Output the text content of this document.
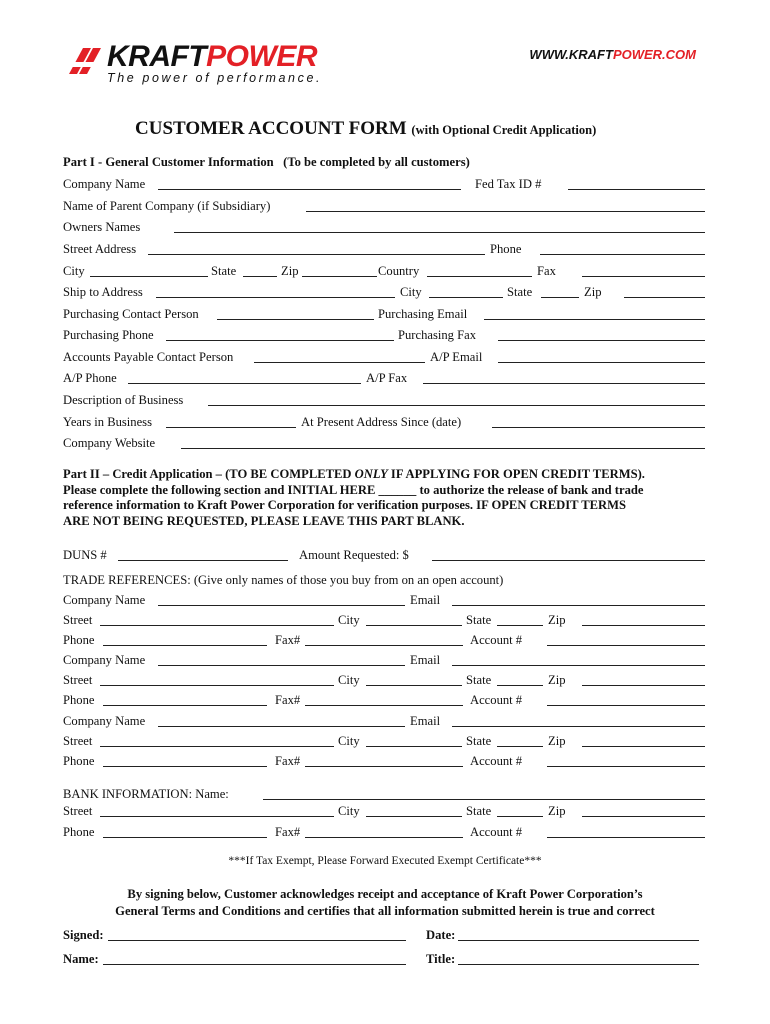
KRAFTPOWER
The power of performance.
WWW.KRAFTPOWER.COM
CUSTOMER ACCOUNT FORM (with Optional Credit Application)
Part I - General Customer Information (To be completed by all customers)
Company Name	Fed Tax ID #
Name of Parent Company (if Subsidiary)
Owners Names
Street Address	Phone
City	State	Zip	Country	Fax
Ship to Address	City	State	Zip
Purchasing Contact Person	Purchasing Email
Purchasing Phone	Purchasing Fax
Accounts Payable Contact Person	A/P Email
A/P Phone	A/P Fax
Description of Business
Years in Business	At Present Address Since (date)
Company Website
Part II – Credit Application – (TO BE COMPLETED ONLY IF APPLYING FOR OPEN CREDIT TERMS).
Please complete the following section and INITIAL HERE ______ to authorize the release of bank and trade
reference information to Kraft Power Corporation for verification purposes. IF OPEN CREDIT TERMS
ARE NOT BEING REQUESTED, PLEASE LEAVE THIS PART BLANK.
DUNS #	Amount Requested: $
TRADE REFERENCES: (Give only names of those you buy from on an open account)
Company Name	Email
Street	City	State	Zip
Phone	Fax#	Account #
Company Name	Email
Street	City	State	Zip
Phone	Fax#	Account #
Company Name	Email
Street	City	State	Zip
Phone	Fax#	Account #
BANK INFORMATION: Name:
Street	City	State	Zip
Phone	Fax#	Account #
***If Tax Exempt, Please Forward Executed Exempt Certificate***
By signing below, Customer acknowledges receipt and acceptance of Kraft Power Corporation’s
General Terms and Conditions and certifies that all information submitted herein is true and correct
Signed:	Date:
Name:	Title:
